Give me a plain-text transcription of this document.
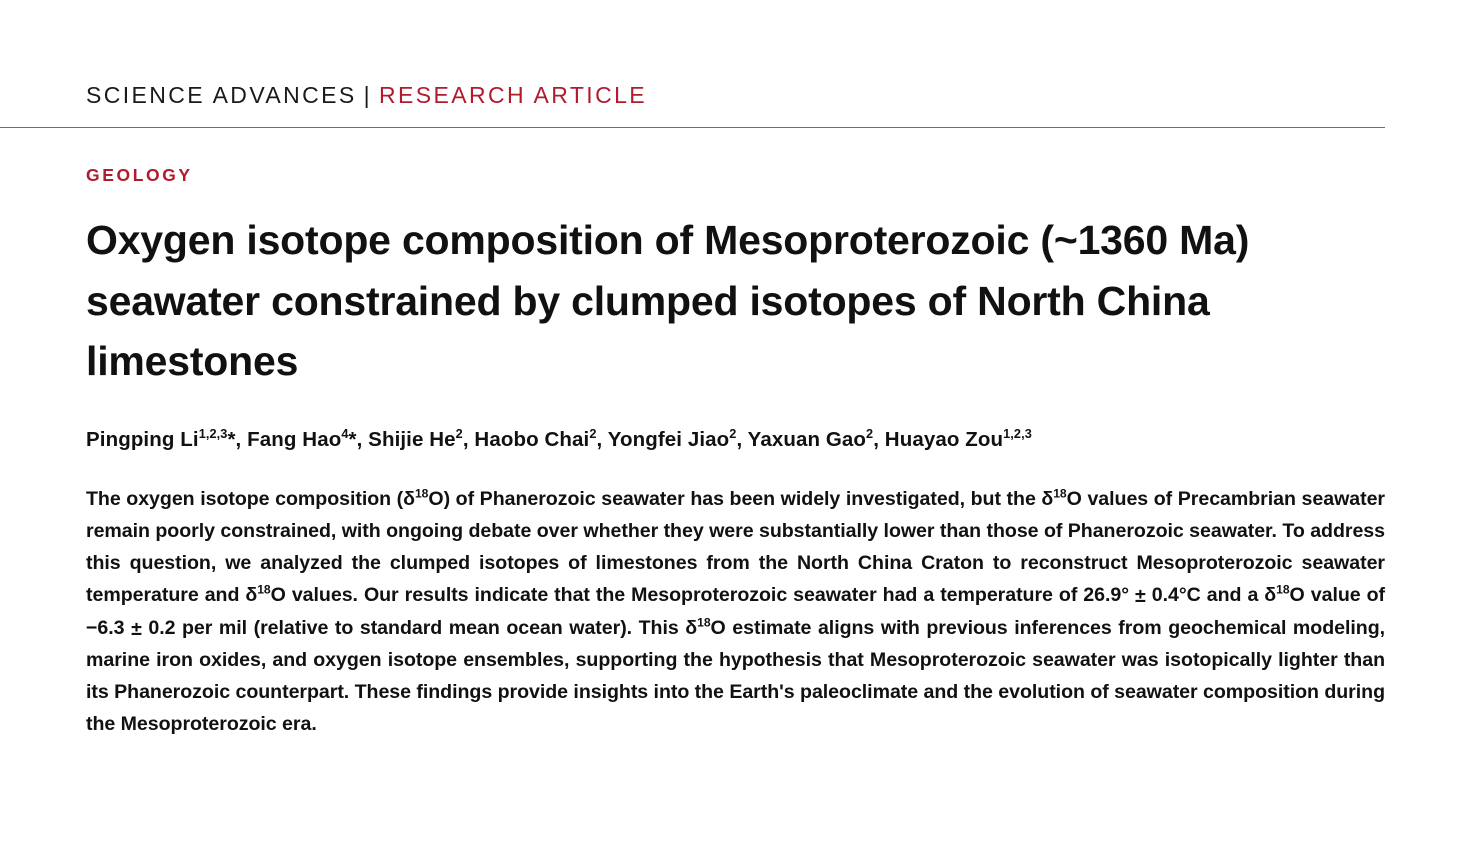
SCIENCE ADVANCES | RESEARCH ARTICLE
GEOLOGY
Oxygen isotope composition of Mesoproterozoic (~1360 Ma) seawater constrained by clumped isotopes of North China limestones
Pingping Li$^{1,2,3}$*, Fang Hao$^4$*, Shijie He$^2$, Haobo Chai$^2$, Yongfei Jiao$^2$, Yaxuan Gao$^2$, Huayao Zou$^{1,2,3}$
The oxygen isotope composition $(\delta^{18}O)$ of Phanerozoic seawater has been widely investigated, but the $\delta^{18}O$ values of Precambrian seawater remain poorly constrained, with ongoing debate over whether they were substantially lower than those of Phanerozoic seawater. To address this question, we analyzed the clumped isotopes of limestones from the North China Craton to reconstruct Mesoproterozoic seawater temperature and $\delta^{18}O$ values. Our results indicate that the Mesoproterozoic seawater had a temperature of 26.9° ± 0.4°C and a $\delta^{18}O$ value of −6.3 ± 0.2 per mil (relative to standard mean ocean water). This $\delta^{18}O$ estimate aligns with previous inferences from geochemical modeling, marine iron oxides, and oxygen isotope ensembles, supporting the hypothesis that Mesoproterozoic seawater was isotopically lighter than its Phanerozoic counterpart. These findings provide insights into the Earth's paleoclimate and the evolution of seawater composition during the Mesoproterozoic era.
